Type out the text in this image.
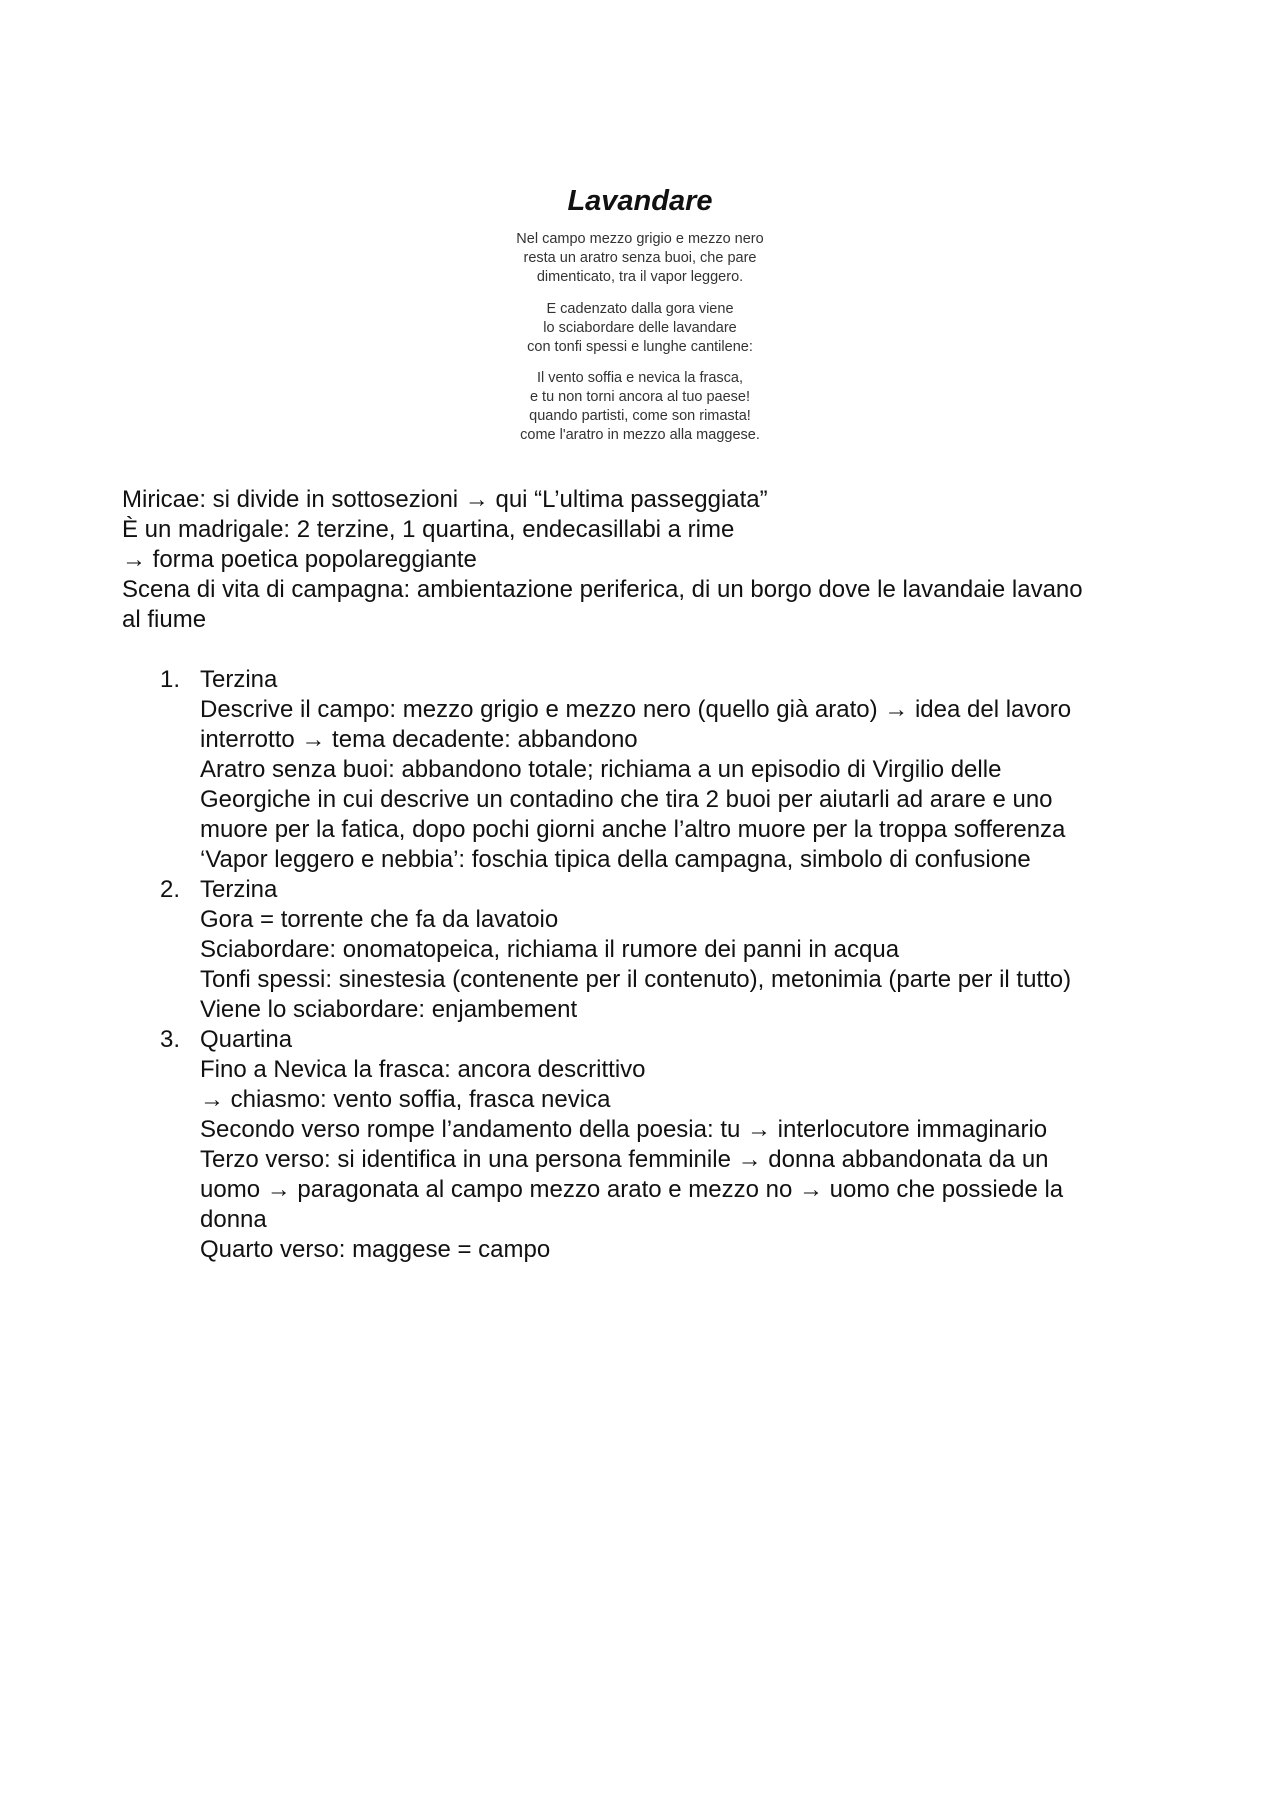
Lavandare
Nel campo mezzo grigio e mezzo nero
resta un aratro senza buoi, che pare
dimenticato, tra il vapor leggero.
E cadenzato dalla gora viene
lo sciabordare delle lavandare
con tonfi spessi e lunghe cantilene:
Il vento soffia e nevica la frasca,
e tu non torni ancora al tuo paese!
quando partisti, come son rimasta!
come l'aratro in mezzo alla maggese.
Miricae: si divide in sottosezioni → qui “L’ultima passeggiata”
È un madrigale: 2 terzine, 1 quartina, endecasillabi a rime
→ forma poetica popolareggiante
Scena di vita di campagna: ambientazione periferica, di un borgo dove le lavandaie lavano
al fiume
1. Terzina
Descrive il campo: mezzo grigio e mezzo nero (quello già arato) → idea del lavoro
interrotto → tema decadente: abbandono
Aratro senza buoi: abbandono totale; richiama a un episodio di Virgilio delle
Georgiche in cui descrive un contadino che tira 2 buoi per aiutarli ad arare e uno
muore per la fatica, dopo pochi giorni anche l’altro muore per la troppa sofferenza
‘Vapor leggero e nebbia’: foschia tipica della campagna, simbolo di confusione
2. Terzina
Gora = torrente che fa da lavatoio
Sciabordare: onomatopeica, richiama il rumore dei panni in acqua
Tonfi spessi: sinestesia (contenente per il contenuto), metonimia (parte per il tutto)
Viene lo sciabordare: enjambement
3. Quartina
Fino a Nevica la frasca: ancora descrittivo
→ chiasmo: vento soffia, frasca nevica
Secondo verso rompe l’andamento della poesia: tu → interlocutore immaginario
Terzo verso: si identifica in una persona femminile → donna abbandonata da un
uomo → paragonata al campo mezzo arato e mezzo no → uomo che possiede la
donna
Quarto verso: maggese = campo
